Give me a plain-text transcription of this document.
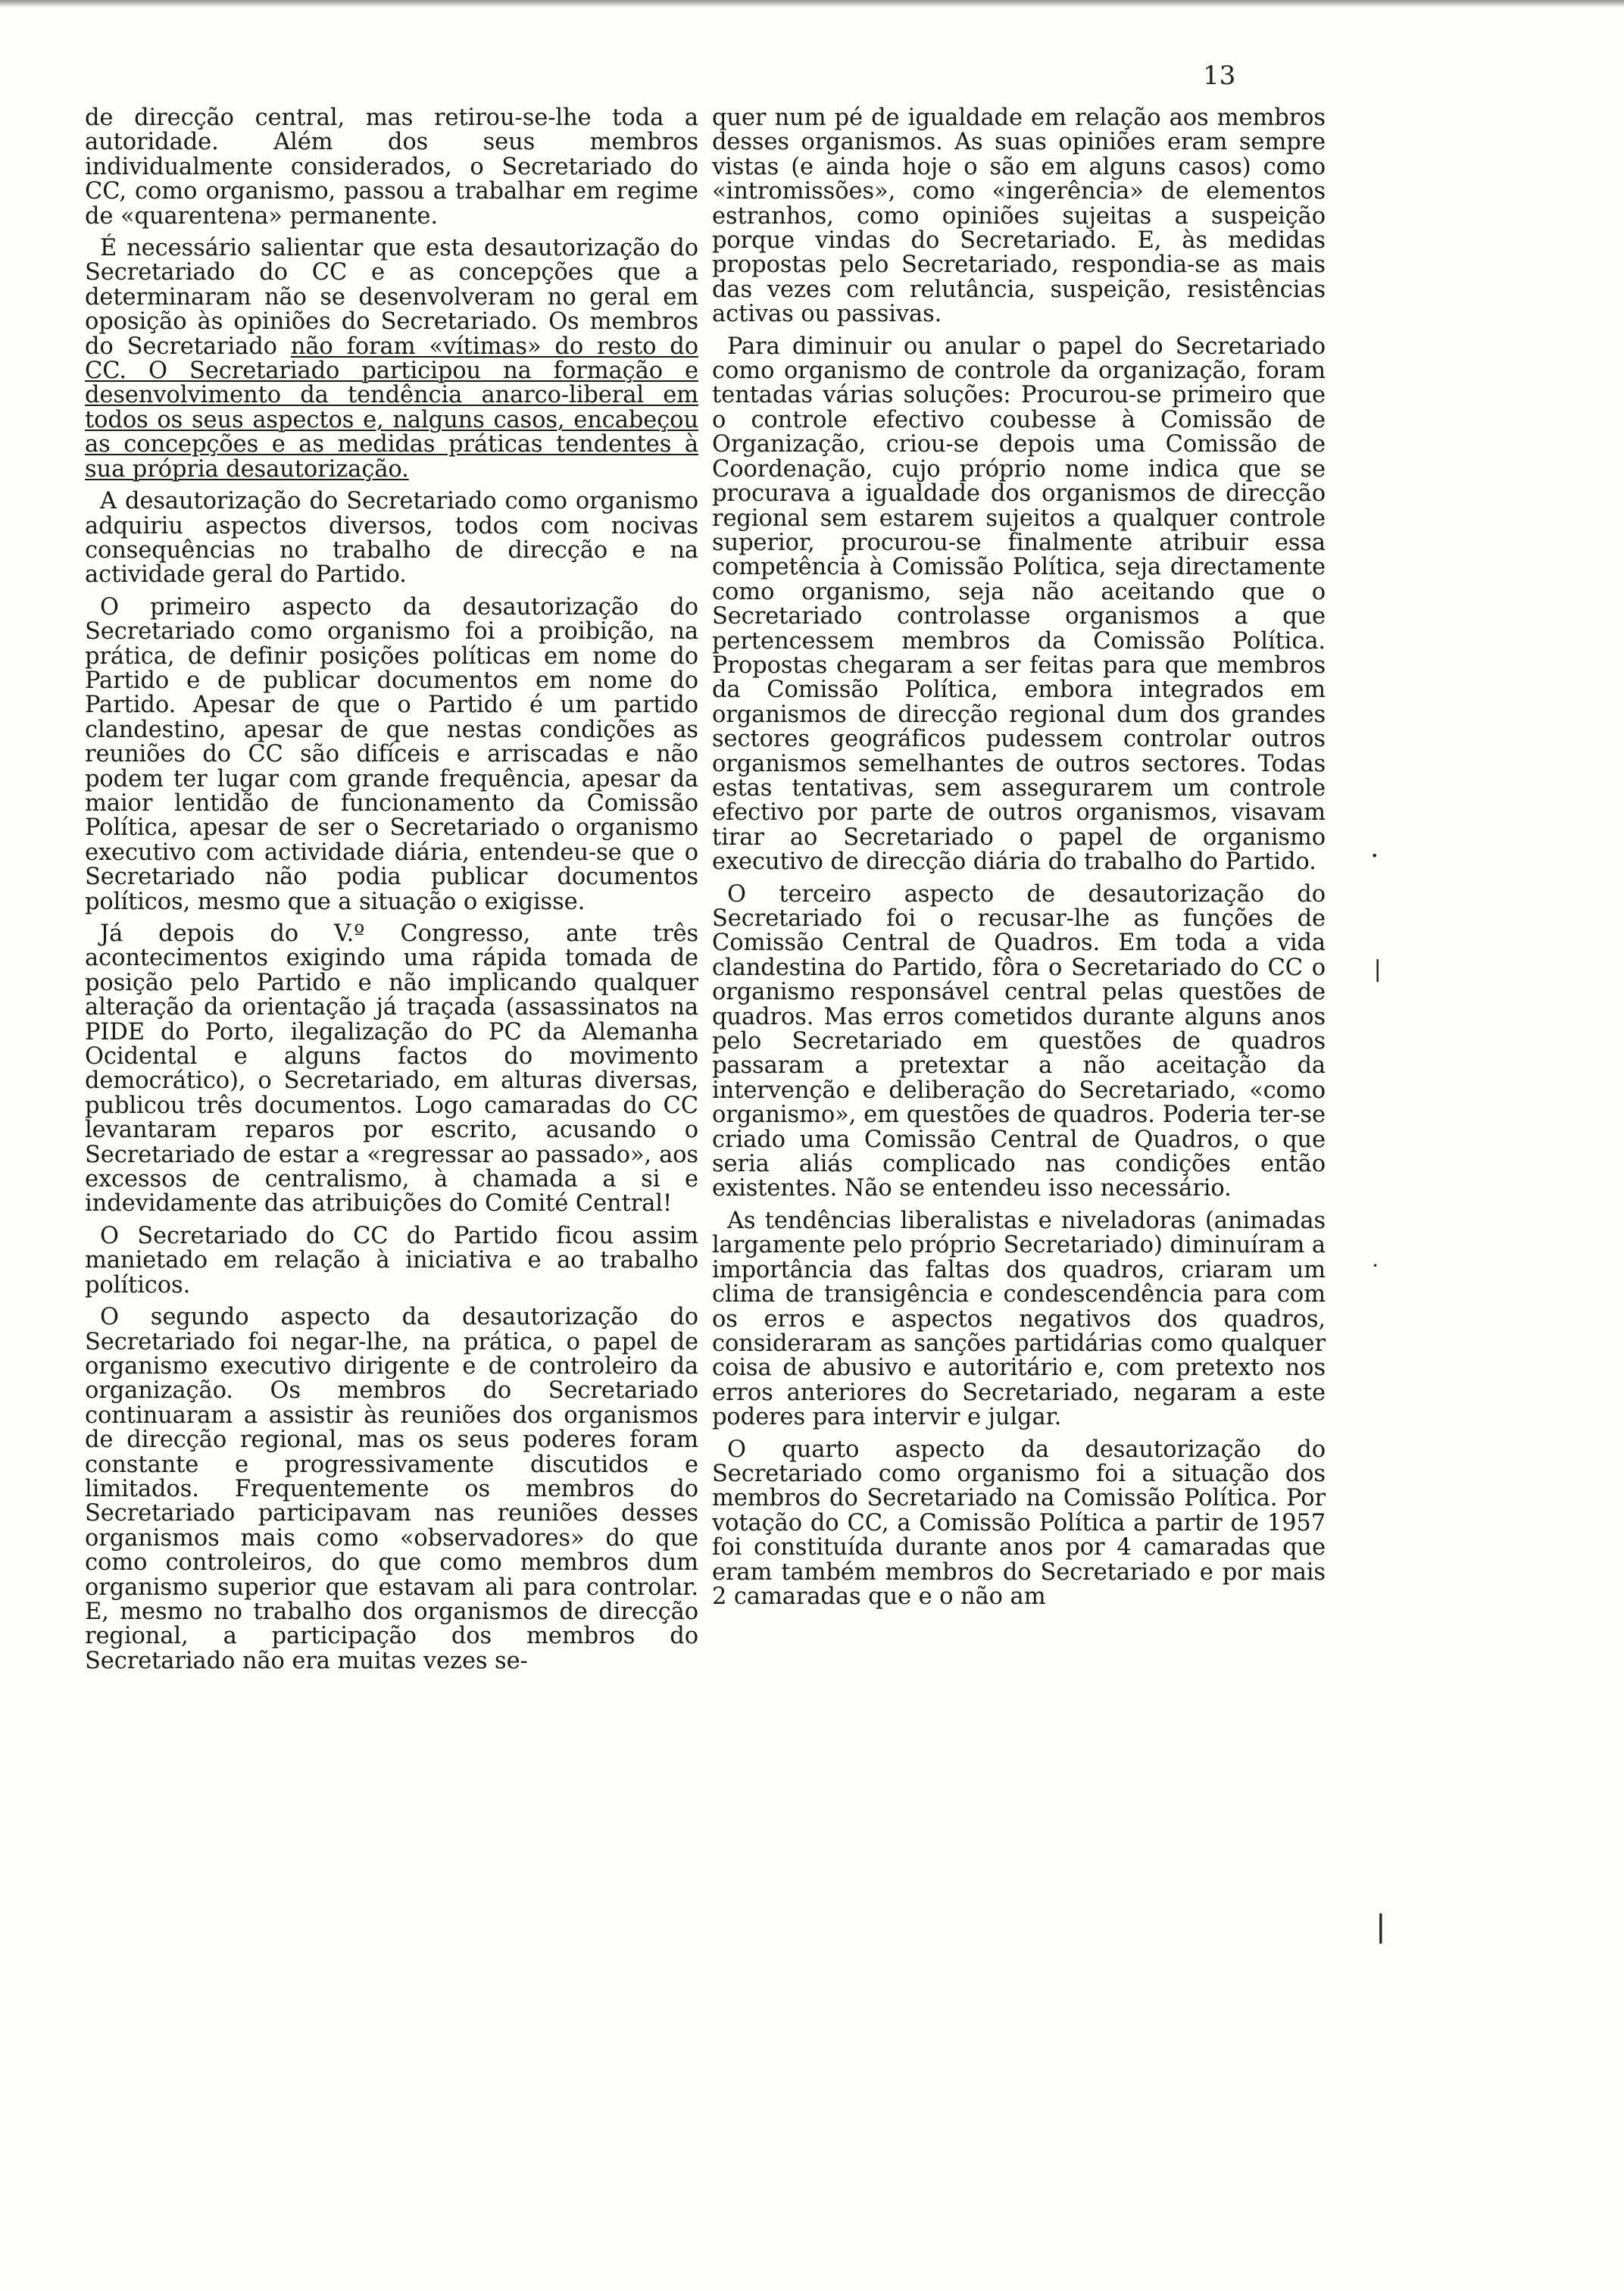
13

de direcção central, mas retirou-se-lhe toda a autoridade. Além dos seus membros individualmente considerados, o Secretariado do CC, como organismo, passou a trabalhar em regime de «quarentena» permanente.

É necessário salientar que esta desautorização do Secretariado do CC e as concepções que a determinaram não se desenvolveram no geral em oposição às opiniões do Secretariado. Os membros do Secretariado não foram «vítimas» do resto do CC. O Secretariado participou na formação e desenvolvimento da tendência anarco-liberal em todos os seus aspectos e, nalguns casos, encabeçou as concepções e as medidas práticas tendentes à sua própria desautorização.

A desautorização do Secretariado como organismo adquiriu aspectos diversos, todos com nocivas consequências no trabalho de direcção e na actividade geral do Partido.

O primeiro aspecto da desautorização do Secretariado como organismo foi a proibição, na prática, de definir posições políticas em nome do Partido e de publicar documentos em nome do Partido. Apesar de que o Partido é um partido clandestino, apesar de que nestas condições as reuniões do CC são difíceis e arriscadas e não podem ter lugar com grande frequência, apesar da maior lentidão de funcionamento da Comissão Política, apesar de ser o Secretariado o organismo executivo com actividade diária, entendeu-se que o Secretariado não podia publicar documentos políticos, mesmo que a situação o exigisse.

Já depois do V.º Congresso, ante três acontecimentos exigindo uma rápida tomada de posição pelo Partido e não implicando qualquer alteração da orientação já traçada (assassinatos na PIDE do Porto, ilegalização do PC da Alemanha Ocidental e alguns factos do movimento democrático), o Secretariado, em alturas diversas, publicou três documentos. Logo camaradas do CC levantaram reparos por escrito, acusando o Secretariado de estar a «regressar ao passado», aos excessos de centralismo, à chamada a si e indevidamente das atribuições do Comité Central!

O Secretariado do CC do Partido ficou assim manietado em relação à iniciativa e ao trabalho políticos.

O segundo aspecto da desautorização do Secretariado foi negar-lhe, na prática, o papel de organismo executivo dirigente e de controleiro da organização. Os membros do Secretariado continuaram a assistir às reuniões dos organismos de direcção regional, mas os seus poderes foram constante e progressivamente discutidos e limitados. Frequentemente os membros do Secretariado participavam nas reuniões desses organismos mais como «observadores» do que como controleiros, do que como membros dum organismo superior que estavam ali para controlar. E, mesmo no trabalho dos organismos de direcção regional, a participação dos membros do Secretariado não era muitas vezes se-

quer num pé de igualdade em relação aos membros desses organismos. As suas opiniões eram sempre vistas (e ainda hoje o são em alguns casos) como «intromissões», como «ingerência» de elementos estranhos, como opiniões sujeitas a suspeição porque vindas do Secretariado. E, às medidas propostas pelo Secretariado, respondia-se as mais das vezes com relutância, suspeição, resistências activas ou passivas.

Para diminuir ou anular o papel do Secretariado como organismo de controle da organização, foram tentadas várias soluções: Procurou-se primeiro que o controle efectivo coubesse à Comissão de Organização, criou-se depois uma Comissão de Coordenação, cujo próprio nome indica que se procurava a igualdade dos organismos de direcção regional sem estarem sujeitos a qualquer controle superior, procurou-se finalmente atribuir essa competência à Comissão Política, seja directamente como organismo, seja não aceitando que o Secretariado controlasse organismos a que pertencessem membros da Comissão Política. Propostas chegaram a ser feitas para que membros da Comissão Política, embora integrados em organismos de direcção regional dum dos grandes sectores geográficos pudessem controlar outros organismos semelhantes de outros sectores. Todas estas tentativas, sem assegurarem um controle efectivo por parte de outros organismos, visavam tirar ao Secretariado o papel de organismo executivo de direcção diária do trabalho do Partido.

O terceiro aspecto de desautorização do Secretariado foi o recusar-lhe as funções de Comissão Central de Quadros. Em toda a vida clandestina do Partido, fôra o Secretariado do CC o organismo responsável central pelas questões de quadros. Mas erros cometidos durante alguns anos pelo Secretariado em questões de quadros passaram a pretextar a não aceitação da intervenção e deliberação do Secretariado, «como organismo», em questões de quadros. Poderia ter-se criado uma Comissão Central de Quadros, o que seria aliás complicado nas condições então existentes. Não se entendeu isso necessário.

As tendências liberalistas e niveladoras (animadas largamente pelo próprio Secretariado) diminuíram a importância das faltas dos quadros, criaram um clima de transigência e condescendência para com os erros e aspectos negativos dos quadros, consideraram as sanções partidárias como qualquer coisa de abusivo e autoritário e, com pretexto nos erros anteriores do Secretariado, negaram a este poderes para intervir e julgar.

O quarto aspecto da desautorização do Secretariado como organismo foi a situação dos membros do Secretariado na Comissão Política. Por votação do CC, a Comissão Política a partir de 1957 foi constituída durante anos por 4 camaradas que eram também membros do Secretariado e por mais 2 camaradas que e o não am

•
❘
•
❘
